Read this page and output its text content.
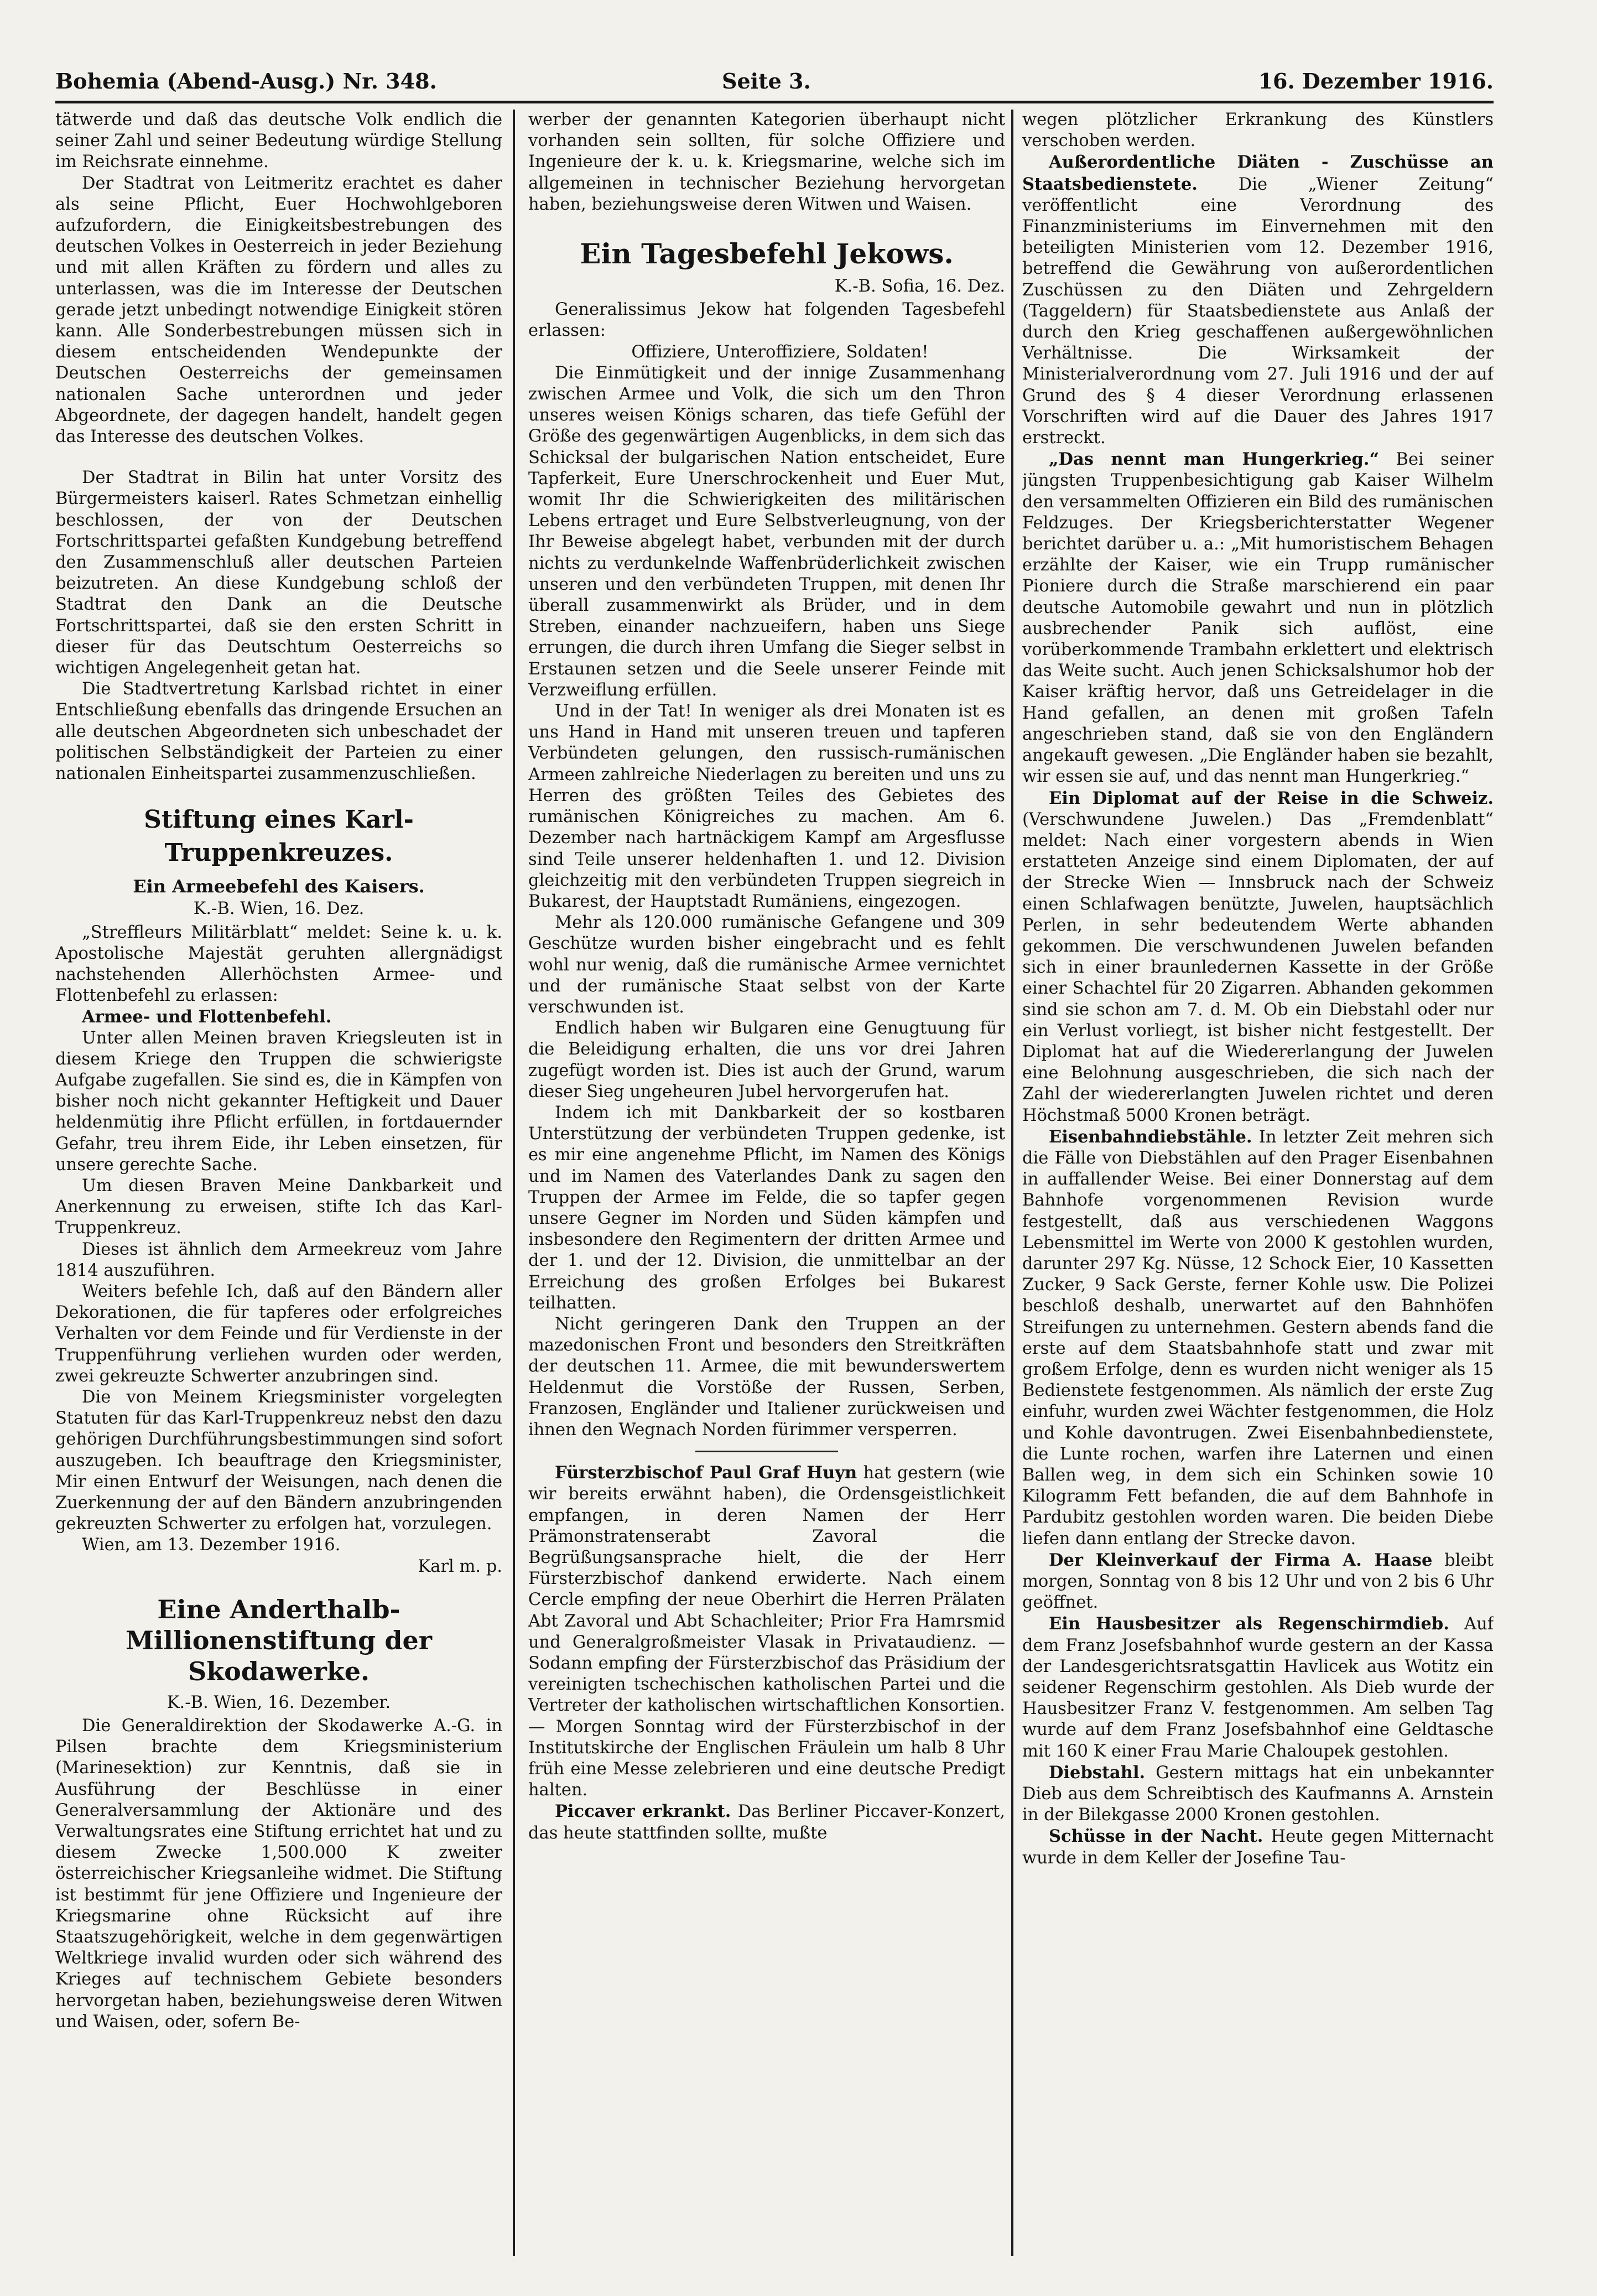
Bohemia (Abend-Ausg.) Nr. 348.	Seite 3.	16. Dezember 1916.

tätwerde und daß das deutsche Volk endlich die seiner Zahl und seiner Bedeutung würdige Stellung im Reichsrate einnehme.

Der Stadtrat von Leitmeritz erachtet es daher als seine Pflicht, Euer Hochwohlgeboren aufzufordern, die Einigkeitsbestrebungen des deutschen Volkes in Oesterreich in jeder Beziehung und mit allen Kräften zu fördern und alles zu unterlassen, was die im Interesse der Deutschen gerade jetzt unbedingt notwendige Einigkeit stören kann. Alle Sonderbestrebungen müssen sich in diesem entscheidenden Wendepunkte der Deutschen Oesterreichs der gemeinsamen nationalen Sache unterordnen und jeder Abgeordnete, der dagegen handelt, handelt gegen das Interesse des deutschen Volkes.

Der Stadtrat in Bilin hat unter Vorsitz des Bürgermeisters kaiserl. Rates Schmetzan einhellig beschlossen, der von der Deutschen Fortschrittspartei gefaßten Kundgebung betreffend den Zusammenschluß aller deutschen Parteien beizutreten. An diese Kundgebung schloß der Stadtrat den Dank an die Deutsche Fortschrittspartei, daß sie den ersten Schritt in dieser für das Deutschtum Oesterreichs so wichtigen Angelegenheit getan hat.

Die Stadtvertretung Karlsbad richtet in einer Entschließung ebenfalls das dringende Ersuchen an alle deutschen Abgeordneten sich unbeschadet der politischen Selbständigkeit der Parteien zu einer nationalen Einheitspartei zusammenzuschließen.

Stiftung eines Karl-Truppenkreuzes.
Ein Armeebefehl des Kaisers.
K.-B. Wien, 16. Dez.

„Streffleurs Militärblatt“ meldet: Seine k. u. k. Apostolische Majestät geruhten allergnädigst nachstehenden Allerhöchsten Armee- und Flottenbefehl zu erlassen:

Armee- und Flottenbefehl.

Unter allen Meinen braven Kriegsleuten ist in diesem Kriege den Truppen die schwierigste Aufgabe zugefallen. Sie sind es, die in Kämpfen von bisher noch nicht gekannter Heftigkeit und Dauer heldenmütig ihre Pflicht erfüllen, in fortdauernder Gefahr, treu ihrem Eide, ihr Leben einsetzen, für unsere gerechte Sache.

Um diesen Braven Meine Dankbarkeit und Anerkennung zu erweisen, stifte Ich das Karl-Truppenkreuz.

Dieses ist ähnlich dem Armeekreuz vom Jahre 1814 auszuführen.

Weiters befehle Ich, daß auf den Bändern aller Dekorationen, die für tapferes oder erfolgreiches Verhalten vor dem Feinde und für Verdienste in der Truppenführung verliehen wurden oder werden, zwei gekreuzte Schwerter anzubringen sind.

Die von Meinem Kriegsminister vorgelegten Statuten für das Karl-Truppenkreuz nebst den dazu gehörigen Durchführungsbestimmungen sind sofort auszugeben. Ich beauftrage den Kriegsminister, Mir einen Entwurf der Weisungen, nach denen die Zuerkennung der auf den Bändern anzubringenden gekreuzten Schwerter zu erfolgen hat, vorzulegen.

Wien, am 13. Dezember 1916.

Karl m. p.

Eine Anderthalb-Millionenstiftung der Skodawerke.
K.-B. Wien, 16. Dezember.

Die Generaldirektion der Skodawerke A.-G. in Pilsen brachte dem Kriegsministerium (Marinesektion) zur Kenntnis, daß sie in Ausführung der Beschlüsse in einer Generalversammlung der Aktionäre und des Verwaltungsrates eine Stiftung errichtet hat und zu diesem Zwecke 1,500.000 K zweiter österreichischer Kriegsanleihe widmet. Die Stiftung ist bestimmt für jene Offiziere und Ingenieure der Kriegsmarine ohne Rücksicht auf ihre Staatszugehörigkeit, welche in dem gegenwärtigen Weltkriege invalid wurden oder sich während des Krieges auf technischem Gebiete besonders hervorgetan haben, beziehungsweise deren Witwen und Waisen, oder, sofern Be-

werber der genannten Kategorien überhaupt nicht vorhanden sein sollten, für solche Offiziere und Ingenieure der k. u. k. Kriegsmarine, welche sich im allgemeinen in technischer Beziehung hervorgetan haben, beziehungsweise deren Witwen und Waisen.

Ein Tagesbefehl Jekows.
K.-B. Sofia, 16. Dez.

Generalissimus Jekow hat folgenden Tagesbefehl erlassen:

Offiziere, Unteroffiziere, Soldaten!

Die Einmütigkeit und der innige Zusammenhang zwischen Armee und Volk, die sich um den Thron unseres weisen Königs scharen, das tiefe Gefühl der Größe des gegenwärtigen Augenblicks, in dem sich das Schicksal der bulgarischen Nation entscheidet, Eure Tapferkeit, Eure Unerschrockenheit und Euer Mut, womit Ihr die Schwierigkeiten des militärischen Lebens ertraget und Eure Selbstverleugnung, von der Ihr Beweise abgelegt habet, verbunden mit der durch nichts zu verdunkelnde Waffenbrüderlichkeit zwischen unseren und den verbündeten Truppen, mit denen Ihr überall zusammenwirkt als Brüder, und in dem Streben, einander nachzueifern, haben uns Siege errungen, die durch ihren Umfang die Sieger selbst in Erstaunen setzen und die Seele unserer Feinde mit Verzweiflung erfüllen.

Und in der Tat! In weniger als drei Monaten ist es uns Hand in Hand mit unseren treuen und tapferen Verbündeten gelungen, den russisch-rumänischen Armeen zahlreiche Niederlagen zu bereiten und uns zu Herren des größten Teiles des Gebietes des rumänischen Königreiches zu machen. Am 6. Dezember nach hartnäckigem Kampf am Argesflusse sind Teile unserer heldenhaften 1. und 12. Division gleichzeitig mit den verbündeten Truppen siegreich in Bukarest, der Hauptstadt Rumäniens, eingezogen.

Mehr als 120.000 rumänische Gefangene und 309 Geschütze wurden bisher eingebracht und es fehlt wohl nur wenig, daß die rumänische Armee vernichtet und der rumänische Staat selbst von der Karte verschwunden ist.

Endlich haben wir Bulgaren eine Genugtuung für die Beleidigung erhalten, die uns vor drei Jahren zugefügt worden ist. Dies ist auch der Grund, warum dieser Sieg ungeheuren Jubel hervorgerufen hat.

Indem ich mit Dankbarkeit der so kostbaren Unterstützung der verbündeten Truppen gedenke, ist es mir eine angenehme Pflicht, im Namen des Königs und im Namen des Vaterlandes Dank zu sagen den Truppen der Armee im Felde, die so tapfer gegen unsere Gegner im Norden und Süden kämpfen und insbesondere den Regimentern der dritten Armee und der 1. und der 12. Division, die unmittelbar an der Erreichung des großen Erfolges bei Bukarest teilhatten.

Nicht geringeren Dank den Truppen an der mazedonischen Front und besonders den Streitkräften der deutschen 11. Armee, die mit bewunderswertem Heldenmut die Vorstöße der Russen, Serben, Franzosen, Engländer und Italiener zurückweisen und ihnen den Wegnach Norden fürimmer versperren.

Fürsterzbischof Paul Graf Huyn hat gestern (wie wir bereits erwähnt haben), die Ordensgeistlichkeit empfangen, in deren Namen der Herr Prämonstratenserabt Zavoral die Begrüßungsansprache hielt, die der Herr Fürsterzbischof dankend erwiderte. Nach einem Cercle empfing der neue Oberhirt die Herren Prälaten Abt Zavoral und Abt Schachleiter; Prior Fra Hamrsmid und Generalgroßmeister Vlasak in Privataudienz. — Sodann empfing der Fürsterzbischof das Präsidium der vereinigten tschechischen katholischen Partei und die Vertreter der katholischen wirtschaftlichen Konsortien. — Morgen Sonntag wird der Fürsterzbischof in der Institutskirche der Englischen Fräulein um halb 8 Uhr früh eine Messe zelebrieren und eine deutsche Predigt halten.

Piccaver erkrankt. Das Berliner Piccaver-Konzert, das heute stattfinden sollte, mußte

wegen plötzlicher Erkrankung des Künstlers verschoben werden.

Außerordentliche Diäten - Zuschüsse an Staatsbedienstete. Die „Wiener Zeitung“ veröffentlicht eine Verordnung des Finanzministeriums im Einvernehmen mit den beteiligten Ministerien vom 12. Dezember 1916, betreffend die Gewährung von außerordentlichen Zuschüssen zu den Diäten und Zehrgeldern (Taggeldern) für Staatsbedienstete aus Anlaß der durch den Krieg geschaffenen außergewöhnlichen Verhältnisse. Die Wirksamkeit der Ministerialverordnung vom 27. Juli 1916 und der auf Grund des § 4 dieser Verordnung erlassenen Vorschriften wird auf die Dauer des Jahres 1917 erstreckt.

„Das nennt man Hungerkrieg.“ Bei seiner jüngsten Truppenbesichtigung gab Kaiser Wilhelm den versammelten Offizieren ein Bild des rumänischen Feldzuges. Der Kriegsberichterstatter Wegener berichtet darüber u. a.: „Mit humoristischem Behagen erzählte der Kaiser, wie ein Trupp rumänischer Pioniere durch die Straße marschierend ein paar deutsche Automobile gewahrt und nun in plötzlich ausbrechender Panik sich auflöst, eine vorüberkommende Trambahn erklettert und elektrisch das Weite sucht. Auch jenen Schicksalshumor hob der Kaiser kräftig hervor, daß uns Getreidelager in die Hand gefallen, an denen mit großen Tafeln angeschrieben stand, daß sie von den Engländern angekauft gewesen. „Die Engländer haben sie bezahlt, wir essen sie auf, und das nennt man Hungerkrieg.“

Ein Diplomat auf der Reise in die Schweiz. (Verschwundene Juwelen.) Das „Fremdenblatt“ meldet: Nach einer vorgestern abends in Wien erstatteten Anzeige sind einem Diplomaten, der auf der Strecke Wien — Innsbruck nach der Schweiz einen Schlafwagen benützte, Juwelen, hauptsächlich Perlen, in sehr bedeutendem Werte abhanden gekommen. Die verschwundenen Juwelen befanden sich in einer braunledernen Kassette in der Größe einer Schachtel für 20 Zigarren. Abhanden gekommen sind sie schon am 7. d. M. Ob ein Diebstahl oder nur ein Verlust vorliegt, ist bisher nicht festgestellt. Der Diplomat hat auf die Wiedererlangung der Juwelen eine Belohnung ausgeschrieben, die sich nach der Zahl der wiedererlangten Juwelen richtet und deren Höchstmaß 5000 Kronen beträgt.

Eisenbahndiebstähle. In letzter Zeit mehren sich die Fälle von Diebstählen auf den Prager Eisenbahnen in auffallender Weise. Bei einer Donnerstag auf dem Bahnhofe vorgenommenen Revision wurde festgestellt, daß aus verschiedenen Waggons Lebensmittel im Werte von 2000 K gestohlen wurden, darunter 297 Kg. Nüsse, 12 Schock Eier, 10 Kassetten Zucker, 9 Sack Gerste, ferner Kohle usw. Die Polizei beschloß deshalb, unerwartet auf den Bahnhöfen Streifungen zu unternehmen. Gestern abends fand die erste auf dem Staatsbahnhofe statt und zwar mit großem Erfolge, denn es wurden nicht weniger als 15 Bedienstete festgenommen. Als nämlich der erste Zug einfuhr, wurden zwei Wächter festgenommen, die Holz und Kohle davontrugen. Zwei Eisenbahnbedienstete, die Lunte rochen, warfen ihre Laternen und einen Ballen weg, in dem sich ein Schinken sowie 10 Kilogramm Fett befanden, die auf dem Bahnhofe in Pardubitz gestohlen worden waren. Die beiden Diebe liefen dann entlang der Strecke davon.

Der Kleinverkauf der Firma A. Haase bleibt morgen, Sonntag von 8 bis 12 Uhr und von 2 bis 6 Uhr geöffnet.

Ein Hausbesitzer als Regenschirmdieb. Auf dem Franz Josefsbahnhof wurde gestern an der Kassa der Landesgerichtsratsgattin Havlicek aus Wotitz ein seidener Regenschirm gestohlen. Als Dieb wurde der Hausbesitzer Franz V. festgenommen. Am selben Tag wurde auf dem Franz Josefsbahnhof eine Geldtasche mit 160 K einer Frau Marie Chaloupek gestohlen.

Diebstahl. Gestern mittags hat ein unbekannter Dieb aus dem Schreibtisch des Kaufmanns A. Arnstein in der Bilekgasse 2000 Kronen gestohlen.

Schüsse in der Nacht. Heute gegen Mitternacht wurde in dem Keller der Josefine Tau-
